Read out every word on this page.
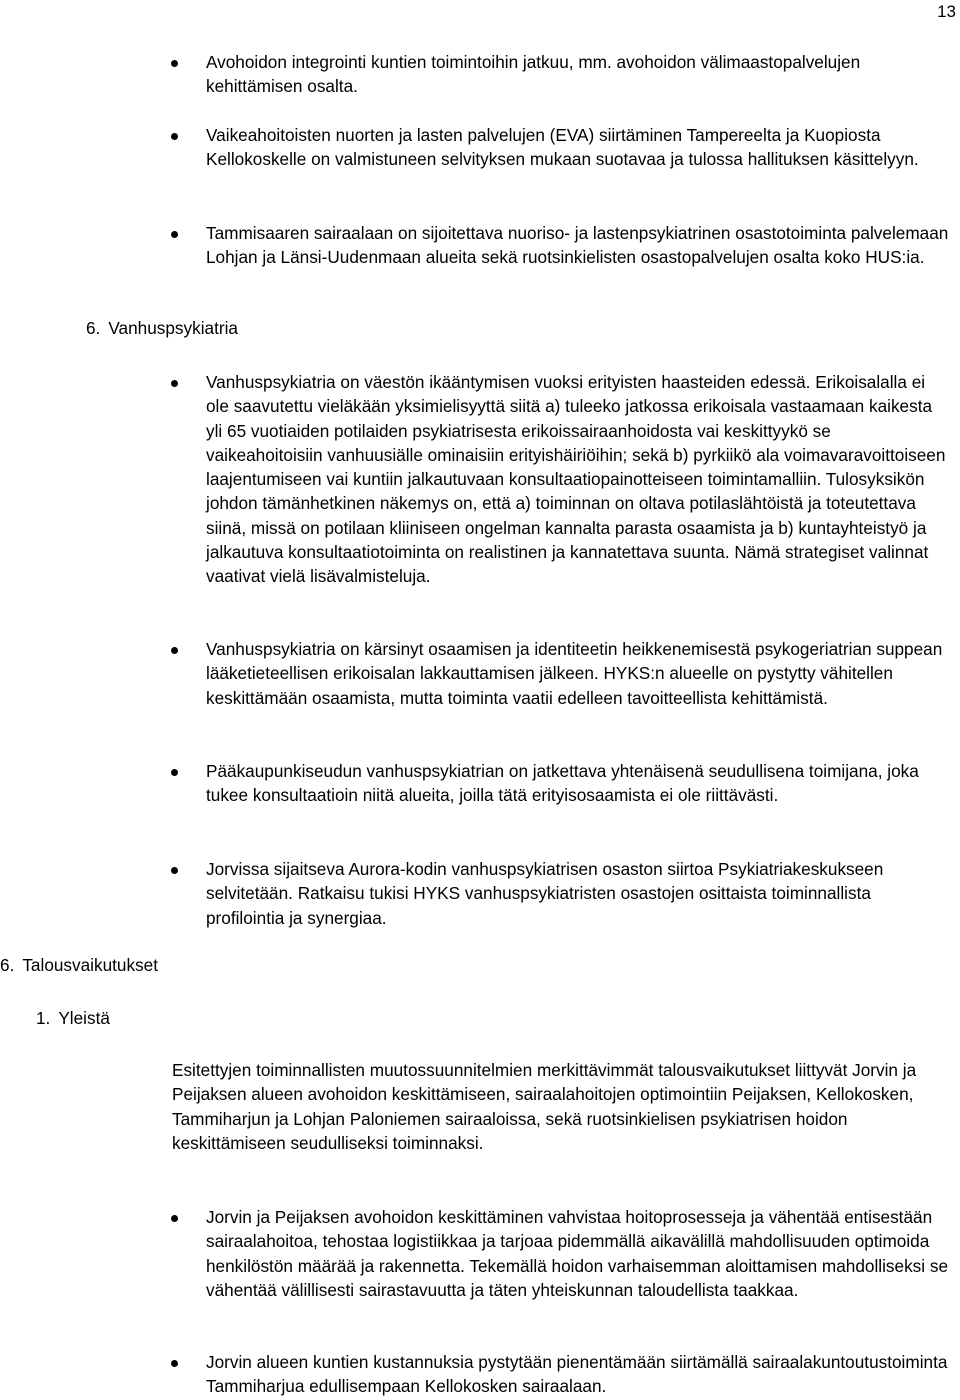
13
Avohoidon integrointi kuntien toimintoihin jatkuu, mm. avohoidon välimaastopalvelujen kehittämisen osalta.
Vaikeahoitoisten nuorten ja lasten palvelujen (EVA) siirtäminen Tampereelta ja Kuopiosta Kellokoskelle on valmistuneen selvityksen mukaan suotavaa ja tulossa hallituksen käsittelyyn.
Tammisaaren sairaalaan on sijoitettava nuoriso- ja lastenpsykiatrinen osastotoiminta palvelemaan Lohjan ja Länsi-Uudenmaan alueita sekä ruotsinkielisten osastopalvelujen osalta koko HUS:ia.
6. Vanhuspsykiatria
Vanhuspsykiatria on väestön ikääntymisen vuoksi erityisten haasteiden edessä. Erikoisalalla ei ole saavutettu vieläkään yksimielisyyttä siitä a) tuleeko jatkossa erikoisala vastaamaan kaikesta yli 65 vuotiaiden potilaiden psykiatrisesta erikoissairaanhoidosta vai keskittyykö se vaikeahoitoisiin vanhuusiälle ominaisiin erityishäiriöihin; sekä b) pyrkiikö ala voimavaravoittoiseen laajentumiseen vai kuntiin jalkautuvaan konsultaatiopainotteiseen toimintamalliin. Tulosyksikön johdon tämänhetkinen näkemys on, että a) toiminnan on oltava potilaslähtöistä ja toteutettava siinä, missä on potilaan kliiniseen ongelman kannalta parasta osaamista ja b) kuntayhteistyö ja jalkautuva konsultaatiotoiminta on realistinen ja kannatettava suunta. Nämä strategiset valinnat vaativat vielä lisävalmisteluja.
Vanhuspsykiatria on kärsinyt osaamisen ja identiteetin heikkenemisestä psykogeriatrian suppean lääketieteellisen erikoisalan lakkauttamisen jälkeen. HYKS:n alueelle on pystytty vähitellen keskittämään osaamista, mutta toiminta vaatii edelleen tavoitteellista kehittämistä.
Pääkaupunkiseudun vanhuspsykiatrian on jatkettava yhtenäisenä seudullisena toimijana, joka tukee konsultaatioin niitä alueita, joilla tätä erityisosaamista ei ole riittävästi.
Jorvissa sijaitseva Aurora-kodin vanhuspsykiatrisen osaston siirtoa Psykiatriakeskukseen selvitetään. Ratkaisu tukisi HYKS vanhuspsykiatristen osastojen osittaista toiminnallista profilointia ja synergiaa.
6. Talousvaikutukset
1. Yleistä

Esitettyjen toiminnallisten muutossuunnitelmien merkittävimmät talousvaikutukset liittyvät Jorvin ja Peijaksen alueen avohoidon keskittämiseen, sairaalahoitojen optimointiin Peijaksen, Kellokosken, Tammiharjun ja Lohjan Paloniemen sairaaloissa, sekä ruotsinkielisen psykiatrisen hoidon keskittämiseen seudulliseksi toiminnaksi.

Jorvin ja Peijaksen avohoidon keskittäminen vahvistaa hoitoprosesseja ja vähentää entisestään sairaalahoitoa, tehostaa logistiikkaa ja tarjoaa pidemmällä aikavälillä mahdollisuuden optimoida henkilöstön määrää ja rakennetta. Tekemällä hoidon varhaisemman aloittamisen mahdolliseksi se vähentää välillisesti sairastavuutta ja täten yhteiskunnan taloudellista taakkaa.
Jorvin alueen kuntien kustannuksia pystytään pienentämään siirtämällä sairaalakuntoutustoiminta Tammiharjua edullisempaan Kellokosken sairaalaan.
